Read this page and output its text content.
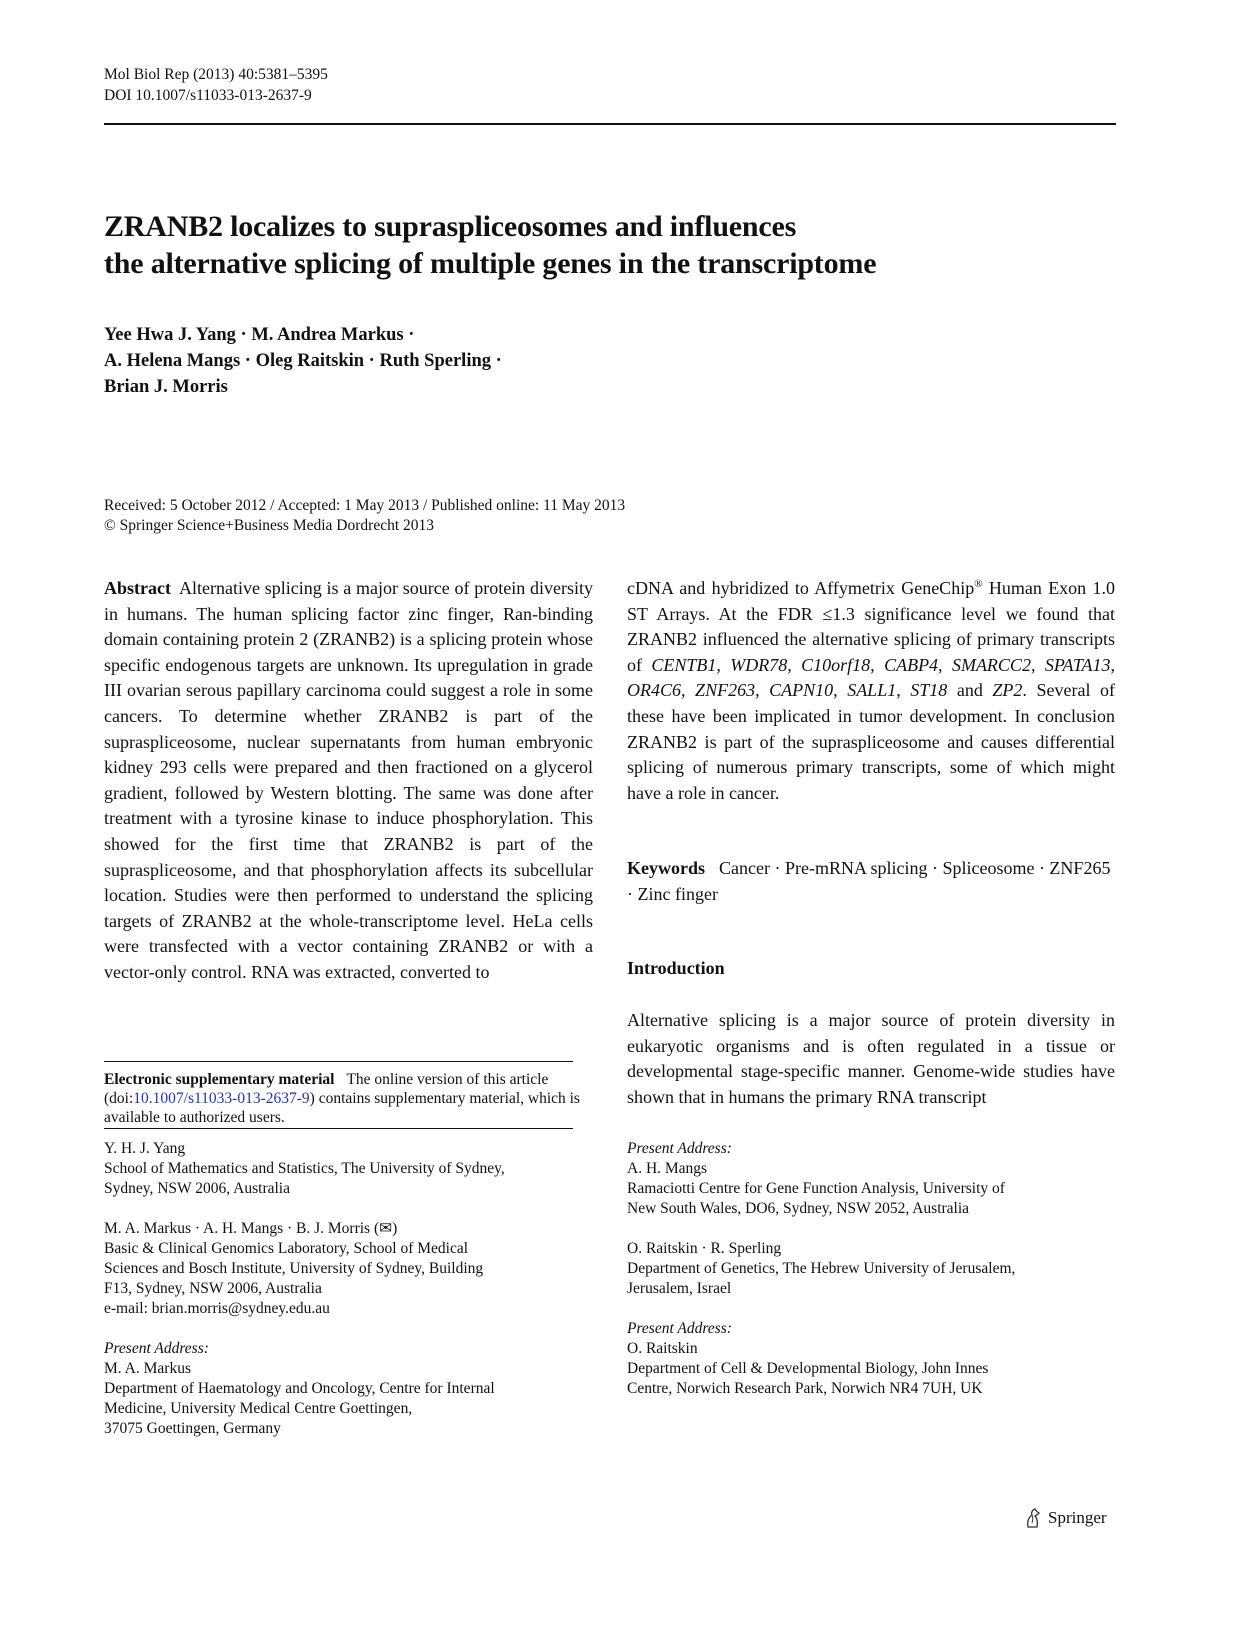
Mol Biol Rep (2013) 40:5381–5395
DOI 10.1007/s11033-013-2637-9
ZRANB2 localizes to supraspliceosomes and influences
the alternative splicing of multiple genes in the transcriptome
Yee Hwa J. Yang · M. Andrea Markus ·
A. Helena Mangs · Oleg Raitskin · Ruth Sperling ·
Brian J. Morris
Received: 5 October 2012 / Accepted: 1 May 2013 / Published online: 11 May 2013
© Springer Science+Business Media Dordrecht 2013
Abstract Alternative splicing is a major source of protein diversity in humans. The human splicing factor zinc finger, Ran-binding domain containing protein 2 (ZRANB2) is a splicing protein whose specific endogenous targets are unknown. Its upregulation in grade III ovarian serous papillary carcinoma could suggest a role in some cancers. To determine whether ZRANB2 is part of the supraspliceosome, nuclear supernatants from human embryonic kidney 293 cells were prepared and then fractioned on a glycerol gradient, followed by Western blotting. The same was done after treatment with a tyrosine kinase to induce phosphorylation. This showed for the first time that ZRANB2 is part of the supraspliceosome, and that phosphorylation affects its subcellular location. Studies were then performed to understand the splicing targets of ZRANB2 at the whole-transcriptome level. HeLa cells were transfected with a vector containing ZRANB2 or with a vector-only control. RNA was extracted, converted to
cDNA and hybridized to Affymetrix GeneChip® Human Exon 1.0 ST Arrays. At the FDR ≤1.3 significance level we found that ZRANB2 influenced the alternative splicing of primary transcripts of CENTB1, WDR78, C10orf18, CABP4, SMARCC2, SPATA13, OR4C6, ZNF263, CAPN10, SALL1, ST18 and ZP2. Several of these have been implicated in tumor development. In conclusion ZRANB2 is part of the supraspliceosome and causes differential splicing of numerous primary transcripts, some of which might have a role in cancer.
Keywords Cancer · Pre-mRNA splicing · Spliceosome · ZNF265 · Zinc finger
Introduction
Alternative splicing is a major source of protein diversity in eukaryotic organisms and is often regulated in a tissue or developmental stage-specific manner. Genome-wide studies have shown that in humans the primary RNA transcript
Electronic supplementary material The online version of this article (doi:10.1007/s11033-013-2637-9) contains supplementary material, which is available to authorized users.

Y. H. J. Yang

School of Mathematics and Statistics, The University of Sydney,

Sydney, NSW 2006, Australia

M. A. Markus · A. H. Mangs · B. J. Morris (✉)

Basic & Clinical Genomics Laboratory, School of Medical

Sciences and Bosch Institute, University of Sydney, Building

F13, Sydney, NSW 2006, Australia

e-mail: brian.morris@sydney.edu.au

Present Address:

M. A. Markus

Department of Haematology and Oncology, Centre for Internal

Medicine, University Medical Centre Goettingen,

37075 Goettingen, Germany

Present Address:

A. H. Mangs

Ramaciotti Centre for Gene Function Analysis, University of

New South Wales, DO6, Sydney, NSW 2052, Australia

O. Raitskin · R. Sperling

Department of Genetics, The Hebrew University of Jerusalem,

Jerusalem, Israel

Present Address:

O. Raitskin

Department of Cell & Developmental Biology, John Innes

Centre, Norwich Research Park, Norwich NR4 7UH, UK

Springer
